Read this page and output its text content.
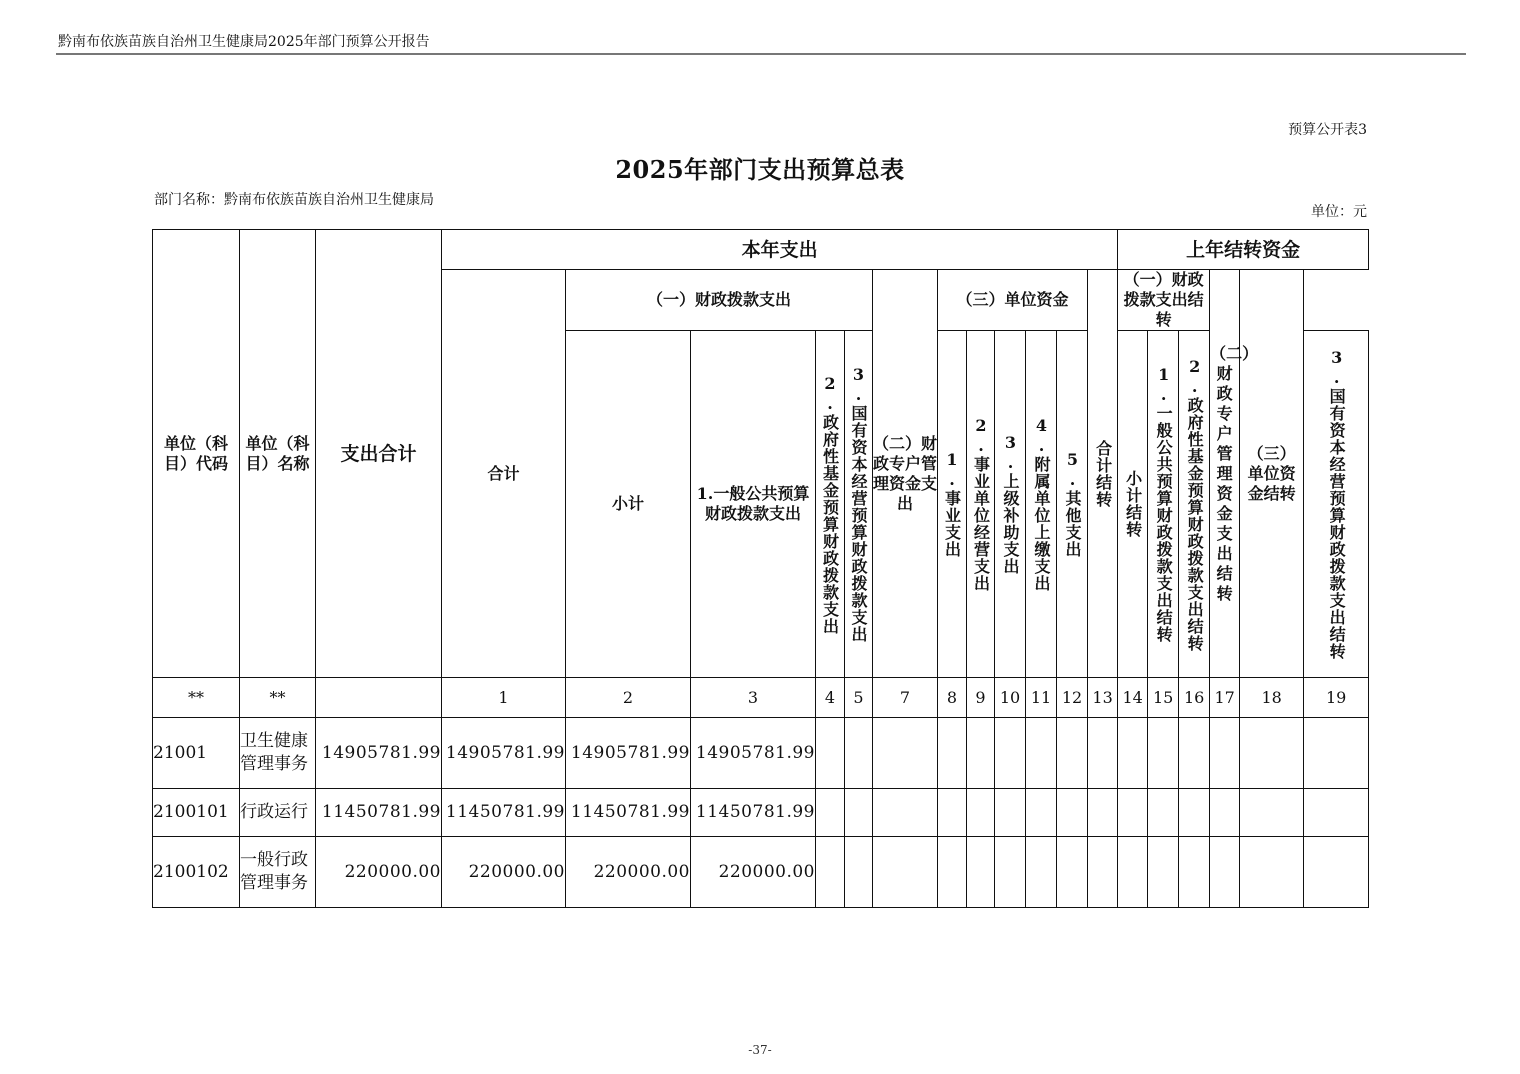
黔南布依族苗族自治州卫生健康局2025年部门预算公开报告
预算公开表3
2025年部门支出预算总表
部门名称：黔南布依族苗族自治州卫生健康局
单位：元
单位（科目）代码	单位（科目）名称	支出合计	本年支出												上年结转资金					
			合计	（一）财政拨款支出				（二）财政专户管理资金支出	（三）单位资金					合计结转	（一）财政拨款支出结转			（二）财政专户管理资金支出结转	（三）单位资金结转	
				小计	1.一般公共预算财政拨款支出	2.政府性基金预算财政拨款支出	3.国有资本经营预算财政拨款支出		1.事业支出	2.事业单位经营支出	3.上级补助支出	4.附属单位上缴支出	5.其他支出		小计结转	1.一般公共预算财政拨款支出结转	2.政府性基金预算财政拨款支出结转			3.国有资本经营预算财政拨款支出结转

**	**		1	2	3	4	5	7	8	9	10	11	12	13	14	15	16	17	18	19
21001	卫生健康管理事务	14905781.99	14905781.99	14905781.99	14905781.99															
2100101	行政运行	11450781.99	11450781.99	11450781.99	11450781.99															
2100102	一般行政管理事务	220000.00	220000.00	220000.00	220000.00															
-37-
